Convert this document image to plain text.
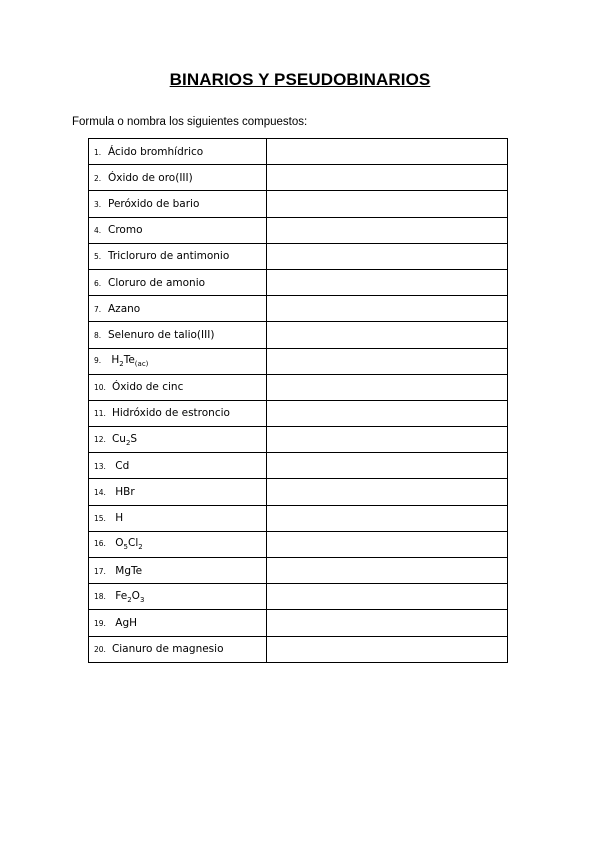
BINARIOS Y PSEUDOBINARIOS
Formula o nombra los siguientes compuestos:
1. Ácido bromhídrico	

2. Óxido de oro(III)	

3. Peróxido de bario	

4. Cromo	

5. Tricloruro de antimonio	

6. Cloruro de amonio	

7. Azano	

8. Selenuro de talio(III)	

9. $H_2Te_{(ac)}$	

10. Óxido de cinc	

11. Hidróxido de estroncio	

12. $Cu_2S$	

13. Cd	

14. HBr	

15. H	

16. $O_5Cl_2$	

17. MgTe	

18. $Fe_2O_3$	

19. AgH	

20. Cianuro de magnesio	
